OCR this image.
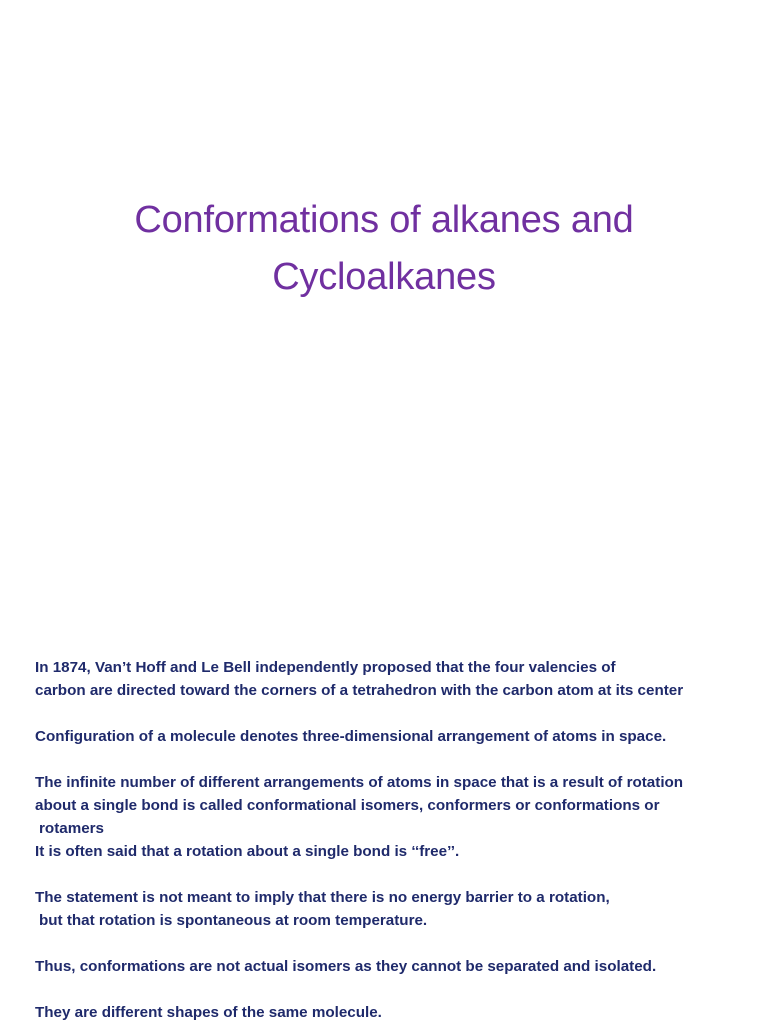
Conformations of alkanes and
Cycloalkanes
In 1874, Van’t Hoff and Le Bell independently proposed that the four valencies of
carbon are directed toward the corners of a tetrahedron with the carbon atom at its center
Configuration of a molecule denotes three-dimensional arrangement of atoms in space.
The infinite number of different arrangements of atoms in space that is a result of rotation
about a single bond is called conformational isomers, conformers or conformations or
rotamers
It is often said that a rotation about a single bond is ‘‘free’’.
The statement is not meant to imply that there is no energy barrier to a rotation,
but that rotation is spontaneous at room temperature.
Thus, conformations are not actual isomers as they cannot be separated and isolated.
They are different shapes of the same molecule.
